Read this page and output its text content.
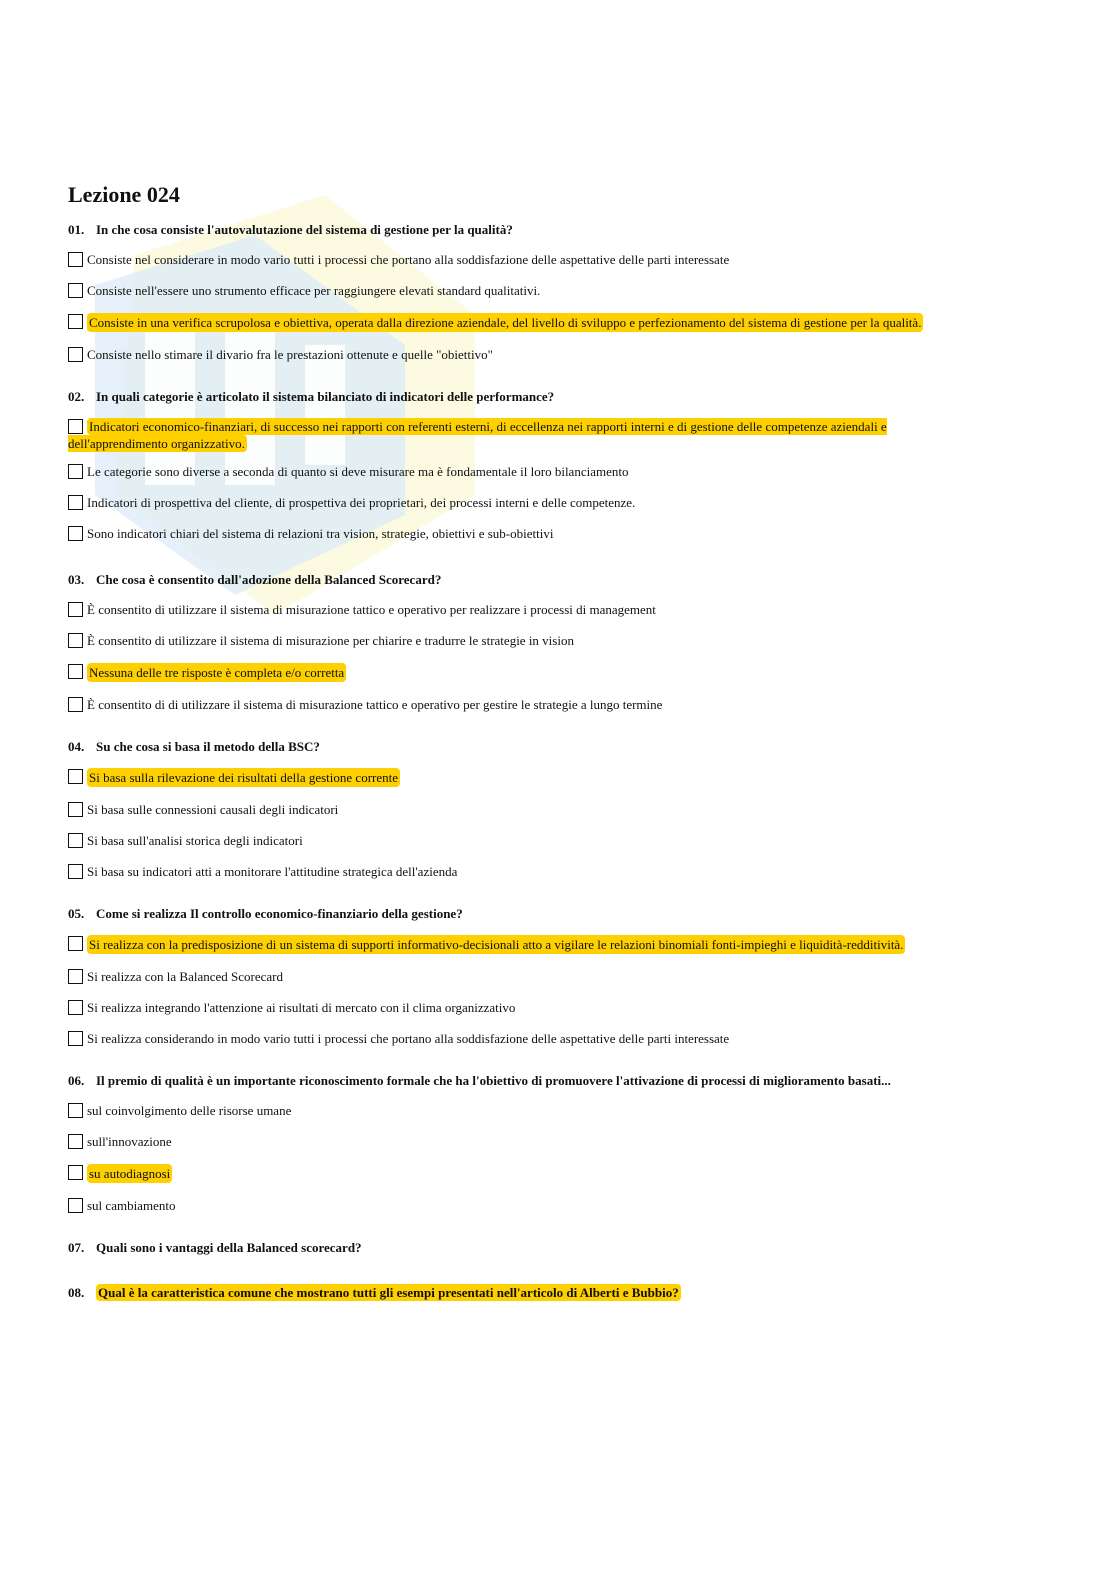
Lezione 024

01. In che cosa consiste l'autovalutazione del sistema di gestione per la qualità?

Consiste nel considerare in modo vario tutti i processi che portano alla soddisfazione delle aspettative delle parti interessate
Consiste nell'essere uno strumento efficace per raggiungere elevati standard qualitativi.
Consiste in una verifica scrupolosa e obiettiva, operata dalla direzione aziendale, del livello di sviluppo e perfezionamento del sistema di gestione per la qualità.
Consiste nello stimare il divario fra le prestazioni ottenute e quelle "obiettivo"

02. In quali categorie è articolato il sistema bilanciato di indicatori delle performance?

Indicatori economico-finanziari, di successo nei rapporti con referenti esterni, di eccellenza nei rapporti interni e di gestione delle competenze aziendali e dell'apprendimento organizzativo.
Le categorie sono diverse a seconda di quanto si deve misurare ma è fondamentale il loro bilanciamento
Indicatori di prospettiva del cliente, di prospettiva dei proprietari, dei processi interni e delle competenze.
Sono indicatori chiari del sistema di relazioni tra vision, strategie, obiettivi e sub-obiettivi

03. Che cosa è consentito dall'adozione della Balanced Scorecard?

È consentito di utilizzare il sistema di misurazione tattico e operativo per realizzare i processi di management
È consentito di utilizzare il sistema di misurazione per chiarire e tradurre le strategie in vision
Nessuna delle tre risposte è completa e/o corretta
È consentito di di utilizzare il sistema di misurazione tattico e operativo per gestire le strategie a lungo termine

04. Su che cosa si basa il metodo della BSC?

Si basa sulla rilevazione dei risultati della gestione corrente
Si basa sulle connessioni causali degli indicatori
Si basa sull'analisi storica degli indicatori
Si basa su indicatori atti a monitorare l'attitudine strategica dell'azienda

05. Come si realizza Il controllo economico-finanziario della gestione?

Si realizza con la predisposizione di un sistema di supporti informativo-decisionali atto a vigilare le relazioni binomiali fonti-impieghi e liquidità-redditività.
Si realizza con la Balanced Scorecard
Si realizza integrando l'attenzione ai risultati di mercato con il clima organizzativo
Si realizza considerando in modo vario tutti i processi che portano alla soddisfazione delle aspettative delle parti interessate

06. Il premio di qualità è un importante riconoscimento formale che ha l'obiettivo di promuovere l'attivazione di processi di miglioramento basati...

sul coinvolgimento delle risorse umane
sull'innovazione
su autodiagnosi
sul cambiamento

07. Quali sono i vantaggi della Balanced scorecard?

08. Qual è la caratteristica comune che mostrano tutti gli esempi presentati nell'articolo di Alberti e Bubbio?
